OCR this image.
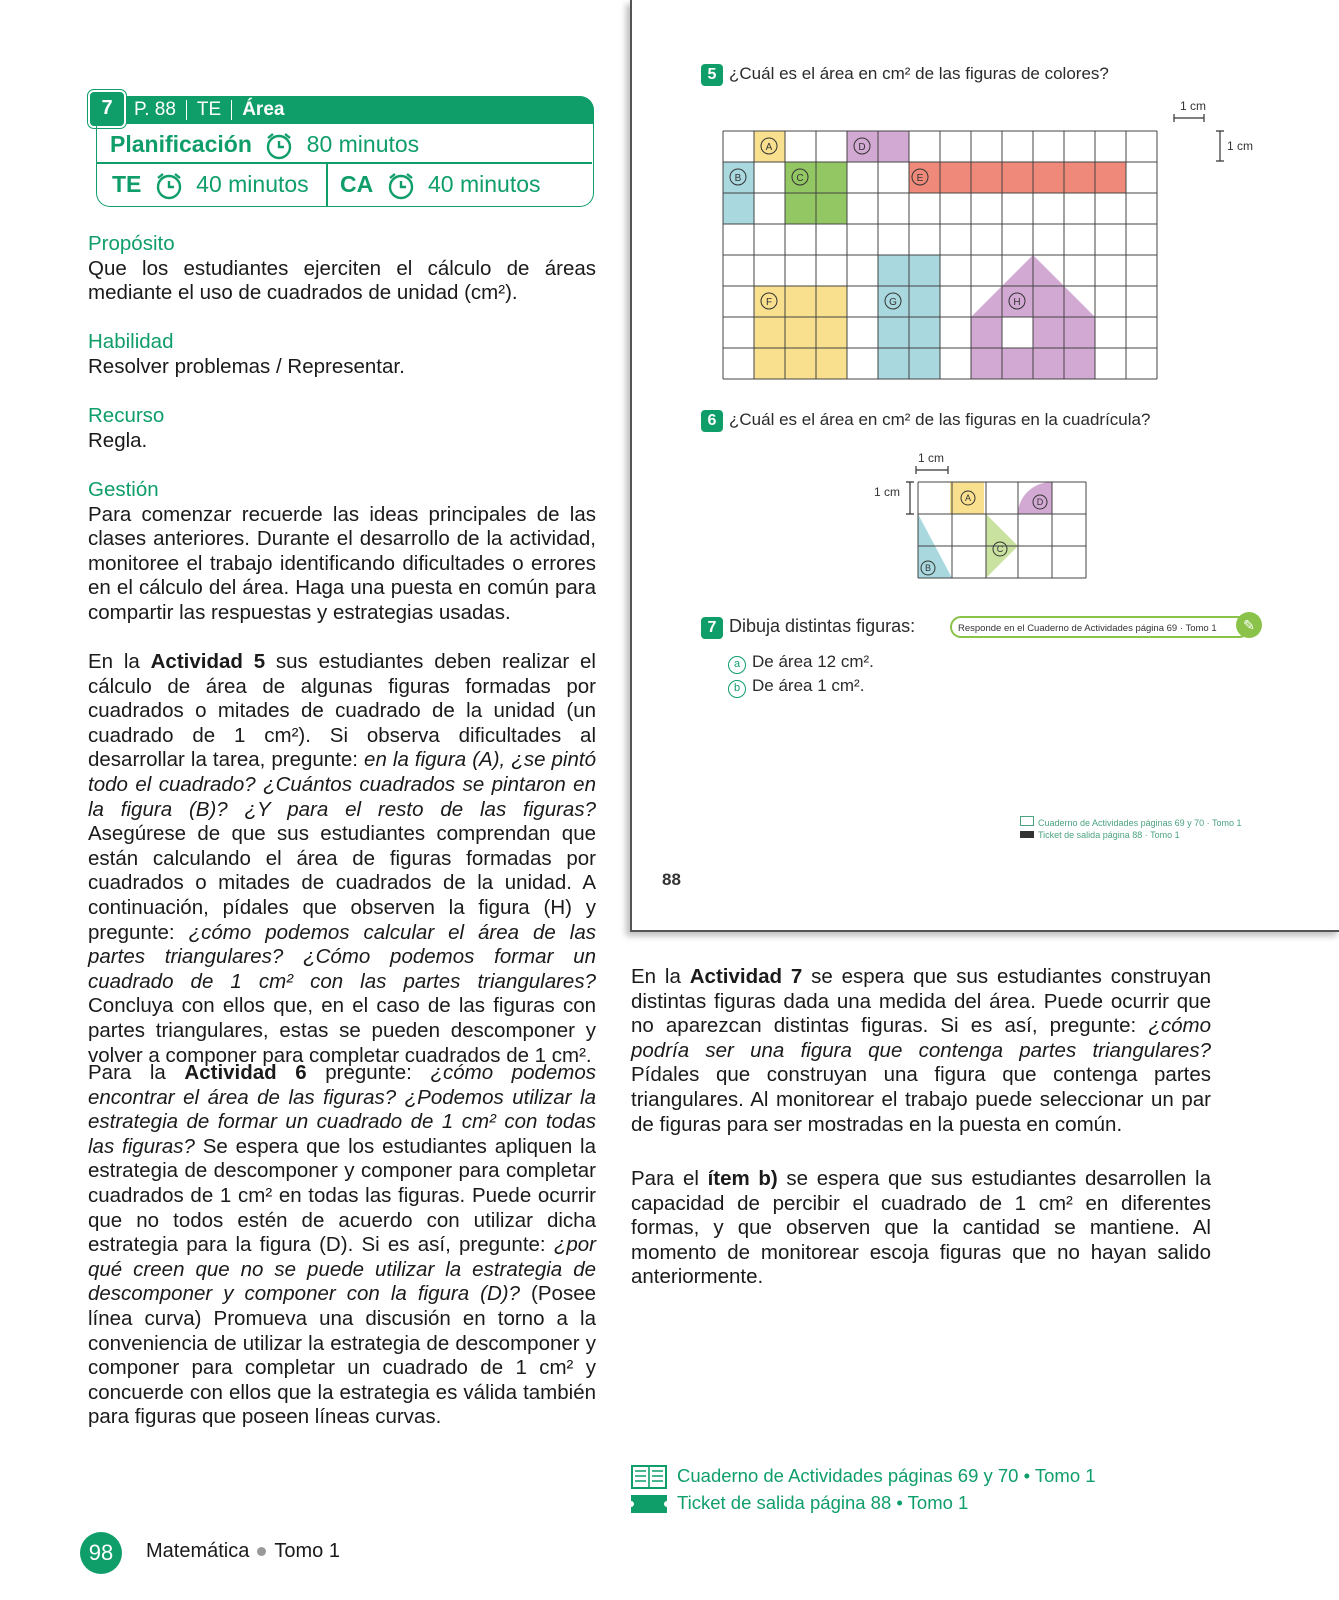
P. 88 TE Área
7
Planificación 80 minutos
TE 40 minutos CA 40 minutos
Propósito
Que los estudiantes ejerciten el cálculo de áreas mediante el uso de cuadrados de unidad (cm²).
Habilidad
Resolver problemas / Representar.
Recurso
Regla.
Gestión
Para comenzar recuerde las ideas principales de las clases anteriores. Durante el desarrollo de la actividad, monitoree el trabajo identificando dificultades o errores en el cálculo del área. Haga una puesta en común para compartir las respuestas y estrategias usadas.
En la Actividad 5 sus estudiantes deben realizar el cálculo de área de algunas figuras formadas por cuadrados o mitades de cuadrado de la unidad (un cuadrado de 1 cm²). Si observa dificultades al desarrollar la tarea, pregunte: en la figura (A), ¿se pintó todo el cuadrado? ¿Cuántos cuadrados se pintaron en la figura (B)? ¿Y para el resto de las figuras? Asegúrese de que sus estudiantes comprendan que están calculando el área de figuras formadas por cuadrados o mitades de cuadrados de la unidad. A continuación, pídales que observen la figura (H) y pregunte: ¿cómo podemos calcular el área de las partes triangulares? ¿Cómo podemos formar un cuadrado de 1 cm² con las partes triangulares? Concluya con ellos que, en el caso de las figuras con partes triangulares, estas se pueden descomponer y volver a componer para completar cuadrados de 1 cm².
Para la Actividad 6 pregunte: ¿cómo podemos encontrar el área de las figuras? ¿Podemos utilizar la estrategia de formar un cuadrado de 1 cm² con todas las figuras? Se espera que los estudiantes apliquen la estrategia de descomponer y componer para completar cuadrados de 1 cm² en todas las figuras. Puede ocurrir que no todos estén de acuerdo con utilizar dicha estrategia para la figura (D). Si es así, pregunte: ¿por qué creen que no se puede utilizar la estrategia de descomponer y componer con la figura (D)? (Posee línea curva) Promueva una discusión en torno a la conveniencia de utilizar la estrategia de descomponer y componer para completar un cuadrado de 1 cm² y concuerde con ellos que la estrategia es válida también para figuras que poseen líneas curvas.
5 ¿Cuál es el área en cm² de las figuras de colores?
1 cm
1 cm
A
B	C
D
E
F	G	H
6 ¿Cuál es el área en cm² de las figuras en la cuadrícula?
1 cm
1 cm	A
B
C
D
7 Dibuja distintas figuras:	Responde en el Cuaderno de Actividades página 69 · Tomo 1	✎
a De área 12 cm².
b De área 1 cm².
Cuaderno de Actividades páginas 69 y 70 · Tomo 1
Ticket de salida página 88 · Tomo 1
88
En la Actividad 7 se espera que sus estudiantes construyan distintas figuras dada una medida del área. Puede ocurrir que no aparezcan distintas figuras. Si es así, pregunte: ¿cómo podría ser una figura que contenga partes triangulares? Pídales que construyan una figura que contenga partes triangulares. Al monitorear el trabajo puede seleccionar un par de figuras para ser mostradas en la puesta en común.
Para el ítem b) se espera que sus estudiantes desarrollen la capacidad de percibir el cuadrado de 1 cm² en diferentes formas, y que observen que la cantidad se mantiene. Al momento de monitorear escoja figuras que no hayan salido anteriormente.
Cuaderno de Actividades páginas 69 y 70 • Tomo 1
Ticket de salida página 88 • Tomo 1
98	Matemática Tomo 1
